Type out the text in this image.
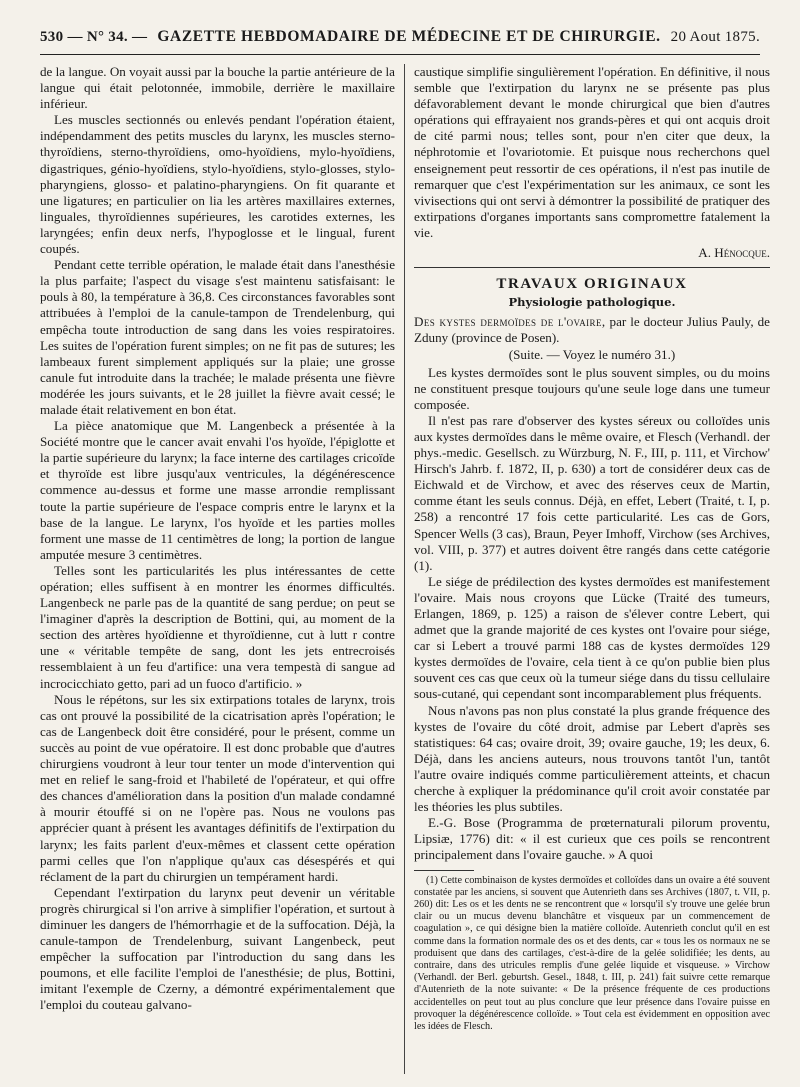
530 — N° 34. — GAZETTE HEBDOMADAIRE DE MÉDECINE ET DE CHIRURGIE. 20 Aout 1875.

de la langue. On voyait aussi par la bouche la partie antérieure de la langue qui était pelotonnée, immobile, derrière le maxillaire inférieur.

Les muscles sectionnés ou enlevés pendant l'opération étaient, indépendamment des petits muscles du larynx, les muscles sterno-thyroïdiens, sterno-thyroïdiens, omo-hyoïdiens, mylo-hyoïdiens, digastriques, génio-hyoïdiens, stylo-hyoïdiens, stylo-glosses, stylo-pharyngiens, glosso- et palatino-pharyngiens. On fit quarante et une ligatures; en particulier on lia les artères maxillaires externes, linguales, thyroïdiennes supérieures, les carotides externes, les laryngées; enfin deux nerfs, l'hypoglosse et le lingual, furent coupés.

Pendant cette terrible opération, le malade était dans l'anesthésie la plus parfaite; l'aspect du visage s'est maintenu satisfaisant: le pouls à 80, la température à 36,8. Ces circonstances favorables sont attribuées à l'emploi de la canule-tampon de Trendelenburg, qui empêcha toute introduction de sang dans les voies respiratoires. Les suites de l'opération furent simples; on ne fit pas de sutures; les lambeaux furent simplement appliqués sur la plaie; une grosse canule fut introduite dans la trachée; le malade présenta une fièvre modérée les jours suivants, et le 28 juillet la fièvre avait cessé; le malade était relativement en bon état.

La pièce anatomique que M. Langenbeck a présentée à la Société montre que le cancer avait envahi l'os hyoïde, l'épiglotte et la partie supérieure du larynx; la face interne des cartilages cricoïde et thyroïde est libre jusqu'aux ventricules, la dégénérescence commence au-dessus et forme une masse arrondie remplissant toute la partie supérieure de l'espace compris entre le larynx et la base de la langue. Le larynx, l'os hyoïde et les parties molles forment une masse de 11 centimètres de long; la portion de langue amputée mesure 3 centimètres.

Telles sont les particularités les plus intéressantes de cette opération; elles suffisent à en montrer les énormes difficultés. Langenbeck ne parle pas de la quantité de sang perdue; on peut se l'imaginer d'après la description de Bottini, qui, au moment de la section des artères hyoïdienne et thyroïdienne, cut à lutt r contre une « véritable tempête de sang, dont les jets entrecroisés ressemblaient à un feu d'artifice: una vera tempestà di sangue ad incrocicchiato getto, pari ad un fuoco d'artificio. »

Nous le répétons, sur les six extirpations totales de larynx, trois cas ont prouvé la possibilité de la cicatrisation après l'opération; le cas de Langenbeck doit être considéré, pour le présent, comme un succès au point de vue opératoire. Il est donc probable que d'autres chirurgiens voudront à leur tour tenter un mode d'intervention qui met en relief le sang-froid et l'habileté de l'opérateur, et qui offre des chances d'amélioration dans la position d'un malade condamné à mourir étouffé si on ne l'opère pas. Nous ne voulons pas apprécier quant à présent les avantages définitifs de l'extirpation du larynx; les faits parlent d'eux-mêmes et classent cette opération parmi celles que l'on n'applique qu'aux cas désespérés et qui réclament de la part du chirurgien un tempérament hardi.

Cependant l'extirpation du larynx peut devenir un véritable progrès chirurgical si l'on arrive à simplifier l'opération, et surtout à diminuer les dangers de l'hémorrhagie et de la suffocation. Déjà, la canule-tampon de Trendelenburg, suivant Langenbeck, peut empêcher la suffocation par l'introduction du sang dans les poumons, et elle facilite l'emploi de l'anesthésie; de plus, Bottini, imitant l'exemple de Czerny, a démontré expérimentalement que l'emploi du couteau galvano-

caustique simplifie singulièrement l'opération. En définitive, il nous semble que l'extirpation du larynx ne se présente pas plus défavorablement devant le monde chirurgical que bien d'autres opérations qui effrayaient nos grands-pères et qui ont acquis droit de cité parmi nous; telles sont, pour n'en citer que deux, la néphrotomie et l'ovariotomie. Et puisque nous recherchons quel enseignement peut ressortir de ces opérations, il n'est pas inutile de remarquer que c'est l'expérimentation sur les animaux, ce sont les vivisections qui ont servi à démontrer la possibilité de pratiquer des extirpations d'organes importants sans compromettre fatalement la vie.

A. Hénocque.

TRAVAUX ORIGINAUX
Physiologie pathologique.

Des kystes dermoïdes de l'ovaire, par le docteur Julius Pauly, de Zduny (province de Posen).

(Suite. — Voyez le numéro 31.)

Les kystes dermoïdes sont le plus souvent simples, ou du moins ne constituent presque toujours qu'une seule loge dans une tumeur composée.

Il n'est pas rare d'observer des kystes séreux ou colloïdes unis aux kystes dermoïdes dans le même ovaire, et Flesch (Verhandl. der phys.-medic. Gesellsch. zu Würzburg, N. F., III, p. 111, et Virchow' Hirsch's Jahrb. f. 1872, II, p. 630) a tort de considérer deux cas de Eichwald et de Virchow, et avec des réserves ceux de Martin, comme étant les seuls connus. Déjà, en effet, Lebert (Traité, t. I, p. 258) a rencontré 17 fois cette particularité. Les cas de Gors, Spencer Wells (3 cas), Braun, Peyer Imhoff, Virchow (ses Archives, vol. VIII, p. 377) et autres doivent être rangés dans cette catégorie (1).

Le siége de prédilection des kystes dermoïdes est manifestement l'ovaire. Mais nous croyons que Lücke (Traité des tumeurs, Erlangen, 1869, p. 125) a raison de s'élever contre Lebert, qui admet que la grande majorité de ces kystes ont l'ovaire pour siége, car si Lebert a trouvé parmi 188 cas de kystes dermoïdes 129 kystes dermoïdes de l'ovaire, cela tient à ce qu'on publie bien plus souvent ces cas que ceux où la tumeur siége dans du tissu cellulaire sous-cutané, qui cependant sont incomparablement plus fréquents.

Nous n'avons pas non plus constaté la plus grande fréquence des kystes de l'ovaire du côté droit, admise par Lebert d'après ses statistiques: 64 cas; ovaire droit, 39; ovaire gauche, 19; les deux, 6. Déjà, dans les anciens auteurs, nous trouvons tantôt l'un, tantôt l'autre ovaire indiqués comme particulièrement atteints, et chacun cherche à expliquer la prédominance qu'il croit avoir constatée par les théories les plus subtiles.

E.-G. Bose (Programma de prœternaturali pilorum proventu, Lipsiæ, 1776) dit: « il est curieux que ces poils se rencontrent principalement dans l'ovaire gauche. » A quoi

(1) Cette combinaison de kystes dermoïdes et colloïdes dans un ovaire a été souvent constatée par les anciens, si souvent que Autenrieth dans ses Archives (1807, t. VII, p. 260) dit: Les os et les dents ne se rencontrent que « lorsqu'il s'y trouve une gelée brun clair ou un mucus devenu blanchâtre et visqueux par un commencement de coagulation », ce qui désigne bien la matière colloïde. Autenrieth conclut qu'il en est comme dans la formation normale des os et des dents, car « tous les os normaux ne se produisent que dans des cartilages, c'est-à-dire de la gelée solidifiée; les dents, au contraire, dans des utricules remplis d'une gelée liquide et visqueuse. » Virchow (Verhandl. der Berl. geburtsh. Gesel., 1848, t. III, p. 241) fait suivre cette remarque d'Autenrieth de la note suivante: « De la présence fréquente de ces productions accidentelles on peut tout au plus conclure que leur présence dans l'ovaire puisse en provoquer la dégénérescence colloïde. » Tout cela est évidemment en opposition avec les idées de Flesch.
